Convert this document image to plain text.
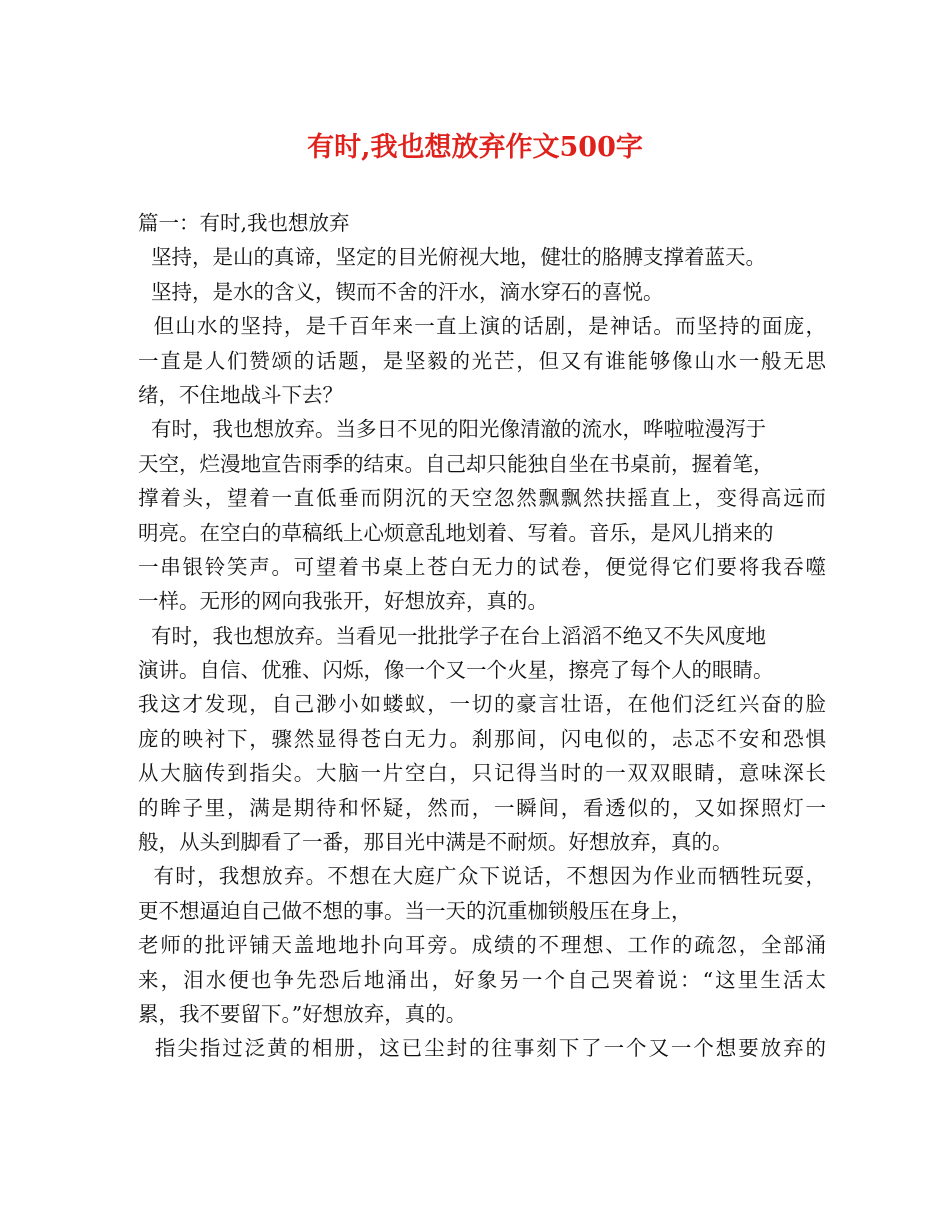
有时,我也想放弃作文500字
篇一：有时,我也想放弃
坚持，是山的真谛，坚定的目光俯视大地，健壮的胳膊支撑着蓝天。
坚持，是水的含义，锲而不舍的汗水，滴水穿石的喜悦。
但山水的坚持，是千百年来一直上演的话剧，是神话。而坚持的面庞，
一直是人们赞颂的话题，是坚毅的光芒，但又有谁能够像山水一般无思
绪，不住地战斗下去？
有时，我也想放弃。当多日不见的阳光像清澈的流水，哗啦啦漫泻于
天空，烂漫地宣告雨季的结束。自己却只能独自坐在书桌前，握着笔，
撑着头，望着一直低垂而阴沉的天空忽然飘飘然扶摇直上，变得高远而
明亮。在空白的草稿纸上心烦意乱地划着、写着。音乐，是风儿捎来的
一串银铃笑声。可望着书桌上苍白无力的试卷，便觉得它们要将我吞噬
一样。无形的网向我张开，好想放弃，真的。
有时，我也想放弃。当看见一批批学子在台上滔滔不绝又不失风度地
演讲。自信、优雅、闪烁，像一个又一个火星，擦亮了每个人的眼睛。
我这才发现，自己渺小如蝼蚁，一切的豪言壮语，在他们泛红兴奋的脸
庞的映衬下，骤然显得苍白无力。刹那间，闪电似的，忐忑不安和恐惧
从大脑传到指尖。大脑一片空白，只记得当时的一双双眼睛，意味深长
的眸子里，满是期待和怀疑，然而，一瞬间，看透似的，又如探照灯一
般，从头到脚看了一番，那目光中满是不耐烦。好想放弃，真的。
有时，我想放弃。不想在大庭广众下说话，不想因为作业而牺牲玩耍，
更不想逼迫自己做不想的事。当一天的沉重枷锁般压在身上，
老师的批评铺天盖地地扑向耳旁。成绩的不理想、工作的疏忽，全部涌
来，泪水便也争先恐后地涌出，好象另一个自己哭着说：“这里生活太
累，我不要留下。”好想放弃，真的。
指尖指过泛黄的相册，这已尘封的往事刻下了一个又一个想要放弃的
